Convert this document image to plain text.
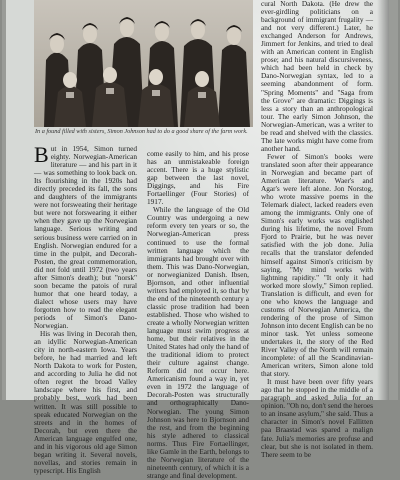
In a found filled with sisters, Simon Johnson had to do a good share of the farm work.

But in 1954, Simon turned eighty. Norwegian-American literature — and his part in it — was something to look back on. Its flourishing in the 1920s had directly preceded its fall, the sons and daughters of the immigrants were not forsweating their heritage but were not forswearing it either when they gave up the Norwegian language. Serious writing and serious business were carried on in English. Norwegian endured for a time in the pulpit, and Decorah-Posten, the great commemoration, did not fold until 1972 (two years after Simon's death); but "norsk" soon became the patois of rural humor that one heard today, a dialect whose users may have forgotten how to read the elegant periods of Simon's Dano-Norwegian.

His was living in Decorah then, an idyllic Norwegian-American city in north-eastern Iowa. Years before, he had married and left North Dakota to work for Posten, and according to Julia he did not often regret the broad Valley landscape where his first, and probably best, work had been written. It was still possible to speak educated Norwegian on the streets and in the homes of Decorah, but even there the American language engulfed one, and in his vigorous old age Simon began writing it. Several novels, novellas, and stories remain in typescript. His English

come easily to him, and his prose has an unmistakeable foreign accent. There is a huge stylistic gap between the last novel, Diggings, and his Fire Fortaellinger (Four Stories) of 1917.

While the language of the Old Country was undergoing a new reform every ten years or so, the Norwegian-American press continued to use the formal written language which the immigrants had brought over with them. This was Dano-Norwegian, or norwegianized Danish. Ibsen, Bjornson, and other influential writers had employed it, so that by the end of the nineteenth century a classic prose tradition had been established. Those who wished to create a wholly Norwegian written language must swim progress at home, but their relatives in the United States had only the hand of the traditional idiom to protect their culture against change. Reform did not occur here. Americanism found a way in, yet even in 1972 the language of Decorah-Posten was structurally and orthographically Dano-Norwegian. The young Simon Johnson was here to Bjornson and the rest, and from the beginning his style adhered to classical norms. Thus Fire Fortaellinger, like Gamle in the Earth, belongs to the Norwegian literature of the nineteenth century, of which it is a strange and final development.

cural North Dakota. (He drew the ever-girdling politicians on a background of immigrant frugality — and not very different.) Later, he exchanged Anderson for Andrews, Jimmert for Jenkins, and tried to deal with an American content in English prose; and his natural discursiveness, which had been held in check by Dano-Norwegian syntax, led to a seeming abandonment of form. "Spring Moments" and "Saga from the Grove" are dramatic: Diggings is less a story than an anthropological tour. The early Simon Johnson, the Norwegian-American, was a writer to be read and shelved with the classics. The late works might have come from another hand.

Fewer of Simon's books were translated soon after their appearance in Norwegian and became part of American literature. Waer's and Agar's were left alone. Jon Norstog, who wrote massive poems in the Telemark dialect, lacked readers even among the immigrants. Only one of Simon's early works was englished during his lifetime, the novel From Fjord to Prairie, but he was never satisfied with the job done. Julia recalls that the translator defended himself against Simon's criticism by saying, "My mind works with lightning rapidity." "It only it had worked more slowly," Simon replied. Translation is difficult, and even for one who knows the language and customs of Norwegian America, the rendering of the prose of Simon Johnson into decent English can be no minor task. Yet unless someone undertakes it, the story of the Red River Valley of the North will remain incomplete: of all the Scandinavian-American writers, Simon alone told that story.

It must have been over fifty years ago that he stopped in the middle of a paragraph and asked Julia for an opinion. "Oh no, don't send the heroes to an insane asylum," she said. Thus a character in Simon's novel Fallitten paa Braastad was spared a malign fate. Julia's memories are profuse and clear, but she is not isolated in them. There seem to be
